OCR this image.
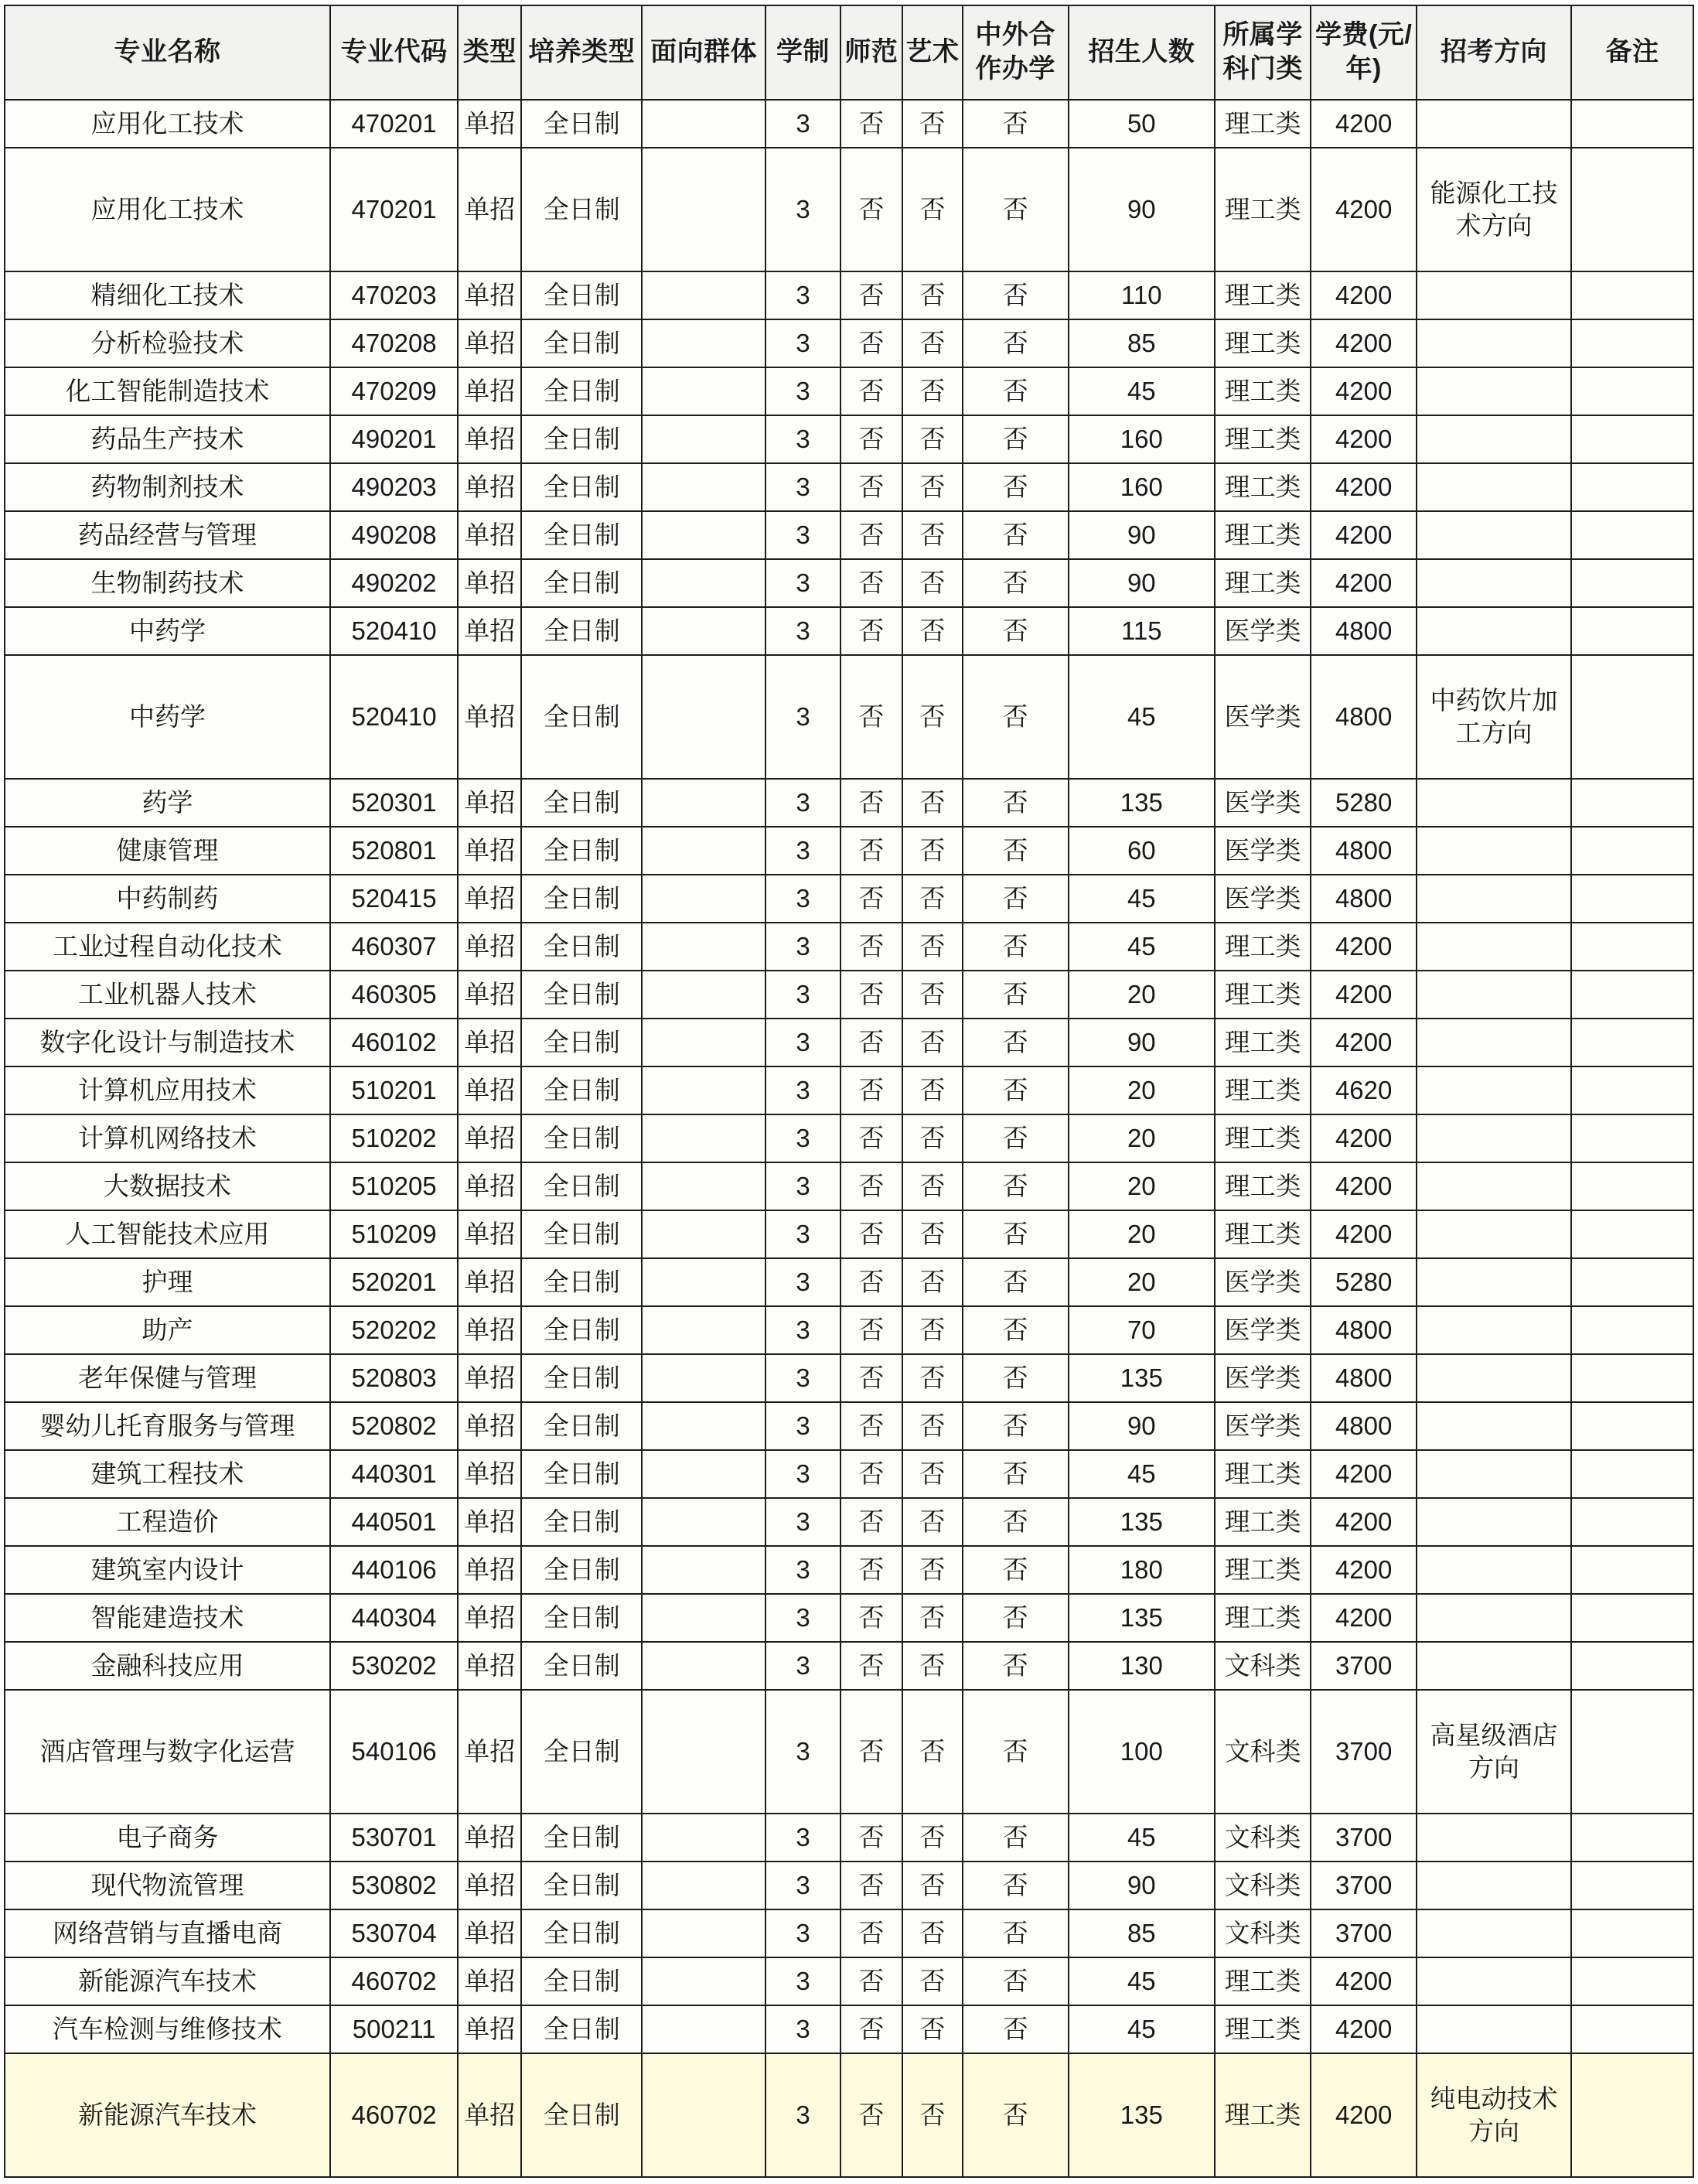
专业名称	专业代码	类型	培养类型	面向群体	学制	师范	艺术	中外合作办学	招生人数	所属学科门类	学费(元/年)	招考方向	备注
应用化工技术	470201	单招	全日制		3	否	否	否	50	理工类	4200		
应用化工技术	470201	单招	全日制		3	否	否	否	90	理工类	4200	能源化工技术方向	
精细化工技术	470203	单招	全日制		3	否	否	否	110	理工类	4200		
分析检验技术	470208	单招	全日制		3	否	否	否	85	理工类	4200		
化工智能制造技术	470209	单招	全日制		3	否	否	否	45	理工类	4200		
药品生产技术	490201	单招	全日制		3	否	否	否	160	理工类	4200		
药物制剂技术	490203	单招	全日制		3	否	否	否	160	理工类	4200		
药品经营与管理	490208	单招	全日制		3	否	否	否	90	理工类	4200		
生物制药技术	490202	单招	全日制		3	否	否	否	90	理工类	4200		
中药学	520410	单招	全日制		3	否	否	否	115	医学类	4800		
中药学	520410	单招	全日制		3	否	否	否	45	医学类	4800	中药饮片加工方向	
药学	520301	单招	全日制		3	否	否	否	135	医学类	5280		
健康管理	520801	单招	全日制		3	否	否	否	60	医学类	4800		
中药制药	520415	单招	全日制		3	否	否	否	45	医学类	4800		
工业过程自动化技术	460307	单招	全日制		3	否	否	否	45	理工类	4200		
工业机器人技术	460305	单招	全日制		3	否	否	否	20	理工类	4200		
数字化设计与制造技术	460102	单招	全日制		3	否	否	否	90	理工类	4200		
计算机应用技术	510201	单招	全日制		3	否	否	否	20	理工类	4620		
计算机网络技术	510202	单招	全日制		3	否	否	否	20	理工类	4200		
大数据技术	510205	单招	全日制		3	否	否	否	20	理工类	4200		
人工智能技术应用	510209	单招	全日制		3	否	否	否	20	理工类	4200		
护理	520201	单招	全日制		3	否	否	否	20	医学类	5280		
助产	520202	单招	全日制		3	否	否	否	70	医学类	4800		
老年保健与管理	520803	单招	全日制		3	否	否	否	135	医学类	4800		
婴幼儿托育服务与管理	520802	单招	全日制		3	否	否	否	90	医学类	4800		
建筑工程技术	440301	单招	全日制		3	否	否	否	45	理工类	4200		
工程造价	440501	单招	全日制		3	否	否	否	135	理工类	4200		
建筑室内设计	440106	单招	全日制		3	否	否	否	180	理工类	4200		
智能建造技术	440304	单招	全日制		3	否	否	否	135	理工类	4200		
金融科技应用	530202	单招	全日制		3	否	否	否	130	文科类	3700		
酒店管理与数字化运营	540106	单招	全日制		3	否	否	否	100	文科类	3700	高星级酒店方向	
电子商务	530701	单招	全日制		3	否	否	否	45	文科类	3700		
现代物流管理	530802	单招	全日制		3	否	否	否	90	文科类	3700		
网络营销与直播电商	530704	单招	全日制		3	否	否	否	85	文科类	3700		
新能源汽车技术	460702	单招	全日制		3	否	否	否	45	理工类	4200		
汽车检测与维修技术	500211	单招	全日制		3	否	否	否	45	理工类	4200		
新能源汽车技术	460702	单招	全日制		3	否	否	否	135	理工类	4200	纯电动技术方向	
